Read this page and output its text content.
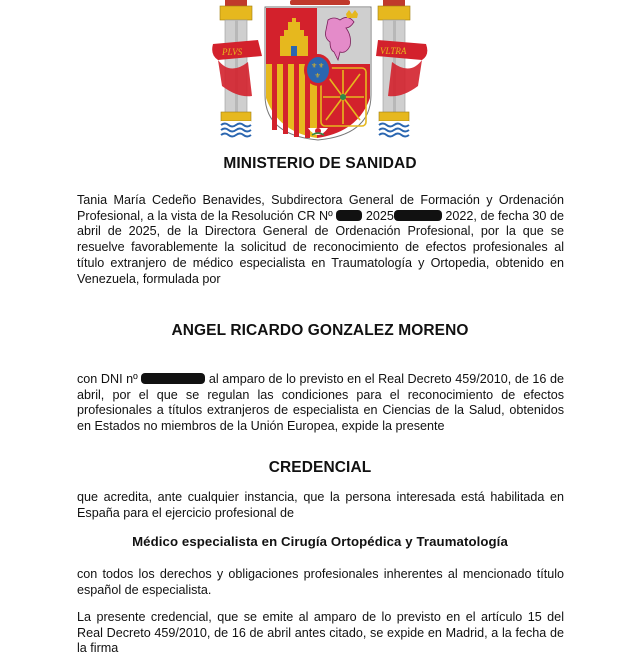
PLVS	VLTRA
⚜ ⚜
⚜
MINISTERIO DE SANIDAD
Tania María Cedeño Benavides, Subdirectora General de Formación y Ordenación Profesional, a la vista de la Resolución CR Nº  2025	2022, de fecha 30 de abril de 2025, de la Directora General de Ordenación Profesional, por la que se resuelve favorablemente la solicitud de reconocimiento de efectos profesionales al título extranjero de médico especialista en Traumatología y Ortopedia, obtenido en Venezuela, formulada por
ANGEL RICARDO GONZALEZ MORENO
con DNI nº	al amparo de lo previsto en el Real Decreto 459/2010, de 16 de abril, por el que se regulan las condiciones para el reconocimiento de efectos profesionales a títulos extranjeros de especialista en Ciencias de la Salud, obtenidos en Estados no miembros de la Unión Europea, expide la presente
CREDENCIAL
que acredita, ante cualquier instancia, que la persona interesada está habilitada en España para el ejercicio profesional de
Médico especialista en Cirugía Ortopédica y Traumatología
con todos los derechos y obligaciones profesionales inherentes al mencionado título español de especialista.
La presente credencial, que se emite al amparo de lo previsto en el artículo 15 del Real Decreto 459/2010, de 16 de abril antes citado, se expide en Madrid, a la fecha de la firma
